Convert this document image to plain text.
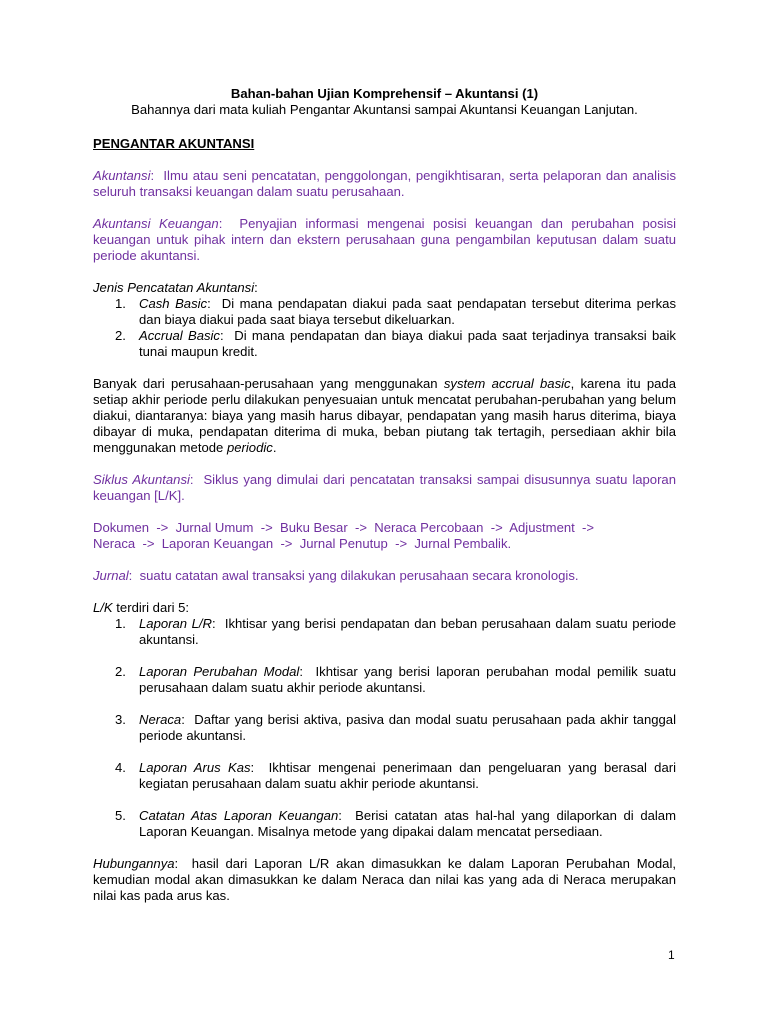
Bahan-bahan Ujian Komprehensif – Akuntansi (1)
Bahannya dari mata kuliah Pengantar Akuntansi sampai Akuntansi Keuangan Lanjutan.
PENGANTAR AKUNTANSI

Akuntansi:  Ilmu atau seni pencatatan, penggolongan, pengikhtisaran, serta pelaporan dan analisis seluruh transaksi keuangan dalam suatu perusahaan.

Akuntansi Keuangan:  Penyajian informasi mengenai posisi keuangan dan perubahan posisi keuangan untuk pihak intern dan ekstern perusahaan guna pengambilan keputusan dalam suatu periode akuntansi.

Jenis Pencatatan Akuntansi:

1. Cash Basic:  Di mana pendapatan diakui pada saat pendapatan tersebut diterima perkas dan biaya diakui pada saat biaya tersebut dikeluarkan.
2. Accrual Basic:  Di mana pendapatan dan biaya diakui pada saat terjadinya transaksi baik tunai maupun kredit.

Banyak dari perusahaan-perusahaan yang menggunakan system accrual basic, karena itu pada setiap akhir periode perlu dilakukan penyesuaian untuk mencatat perubahan-perubahan yang belum diakui, diantaranya: biaya yang masih harus dibayar, pendapatan yang masih harus diterima, biaya dibayar di muka, pendapatan diterima di muka, beban piutang tak tertagih, persediaan akhir bila menggunakan metode periodic.

Siklus Akuntansi:  Siklus yang dimulai dari pencatatan transaksi sampai disusunnya suatu laporan keuangan [L/K].

Dokumen  ->  Jurnal Umum  ->  Buku Besar  ->  Neraca Percobaan  ->  Adjustment  ->
Neraca  ->  Laporan Keuangan  ->  Jurnal Penutup  ->  Jurnal Pembalik.

Jurnal:  suatu catatan awal transaksi yang dilakukan perusahaan secara kronologis.

L/K terdiri dari 5:

1. Laporan L/R:  Ikhtisar yang berisi pendapatan dan beban perusahaan dalam suatu periode akuntansi.
2. Laporan Perubahan Modal:  Ikhtisar yang berisi laporan perubahan modal pemilik suatu perusahaan dalam suatu akhir periode akuntansi.
3. Neraca:  Daftar yang berisi aktiva, pasiva dan modal suatu perusahaan pada akhir tanggal periode akuntansi.
4. Laporan Arus Kas:  Ikhtisar mengenai penerimaan dan pengeluaran yang berasal dari kegiatan perusahaan dalam suatu akhir periode akuntansi.
5. Catatan Atas Laporan Keuangan:  Berisi catatan atas hal-hal yang dilaporkan di dalam Laporan Keuangan. Misalnya metode yang dipakai dalam mencatat persediaan.

Hubungannya:  hasil dari Laporan L/R akan dimasukkan ke dalam Laporan Perubahan Modal, kemudian modal akan dimasukkan ke dalam Neraca dan nilai kas yang ada di Neraca merupakan nilai kas pada arus kas.

1
